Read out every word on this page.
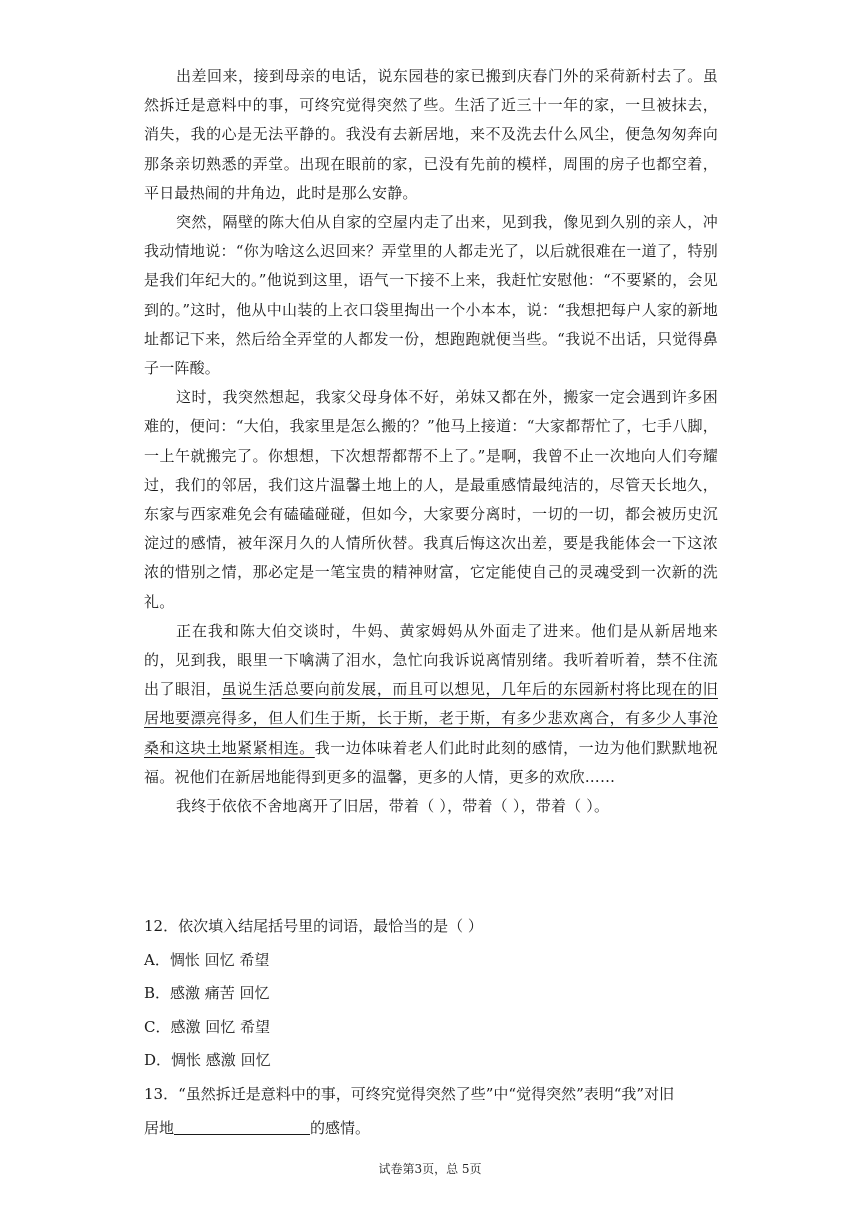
出差回来，接到母亲的电话，说东园巷的家已搬到庆春门外的采荷新村去了。虽然拆迁是意料中的事，可终究觉得突然了些。生活了近三十一年的家，一旦被抹去，消失，我的心是无法平静的。我没有去新居地，来不及洗去什么风尘，便急匆匆奔向那条亲切熟悉的弄堂。出现在眼前的家，已没有先前的模样，周围的房子也都空着，平日最热闹的井角边，此时是那么安静。

突然，隔壁的陈大伯从自家的空屋内走了出来，见到我，像见到久别的亲人，冲我动情地说：“你为啥这么迟回来？弄堂里的人都走光了，以后就很难在一道了，特别是我们年纪大的。”他说到这里，语气一下接不上来，我赶忙安慰他：“不要紧的，会见到的。”这时，他从中山装的上衣口袋里掏出一个小本本，说：“我想把每户人家的新地址都记下来，然后给全弄堂的人都发一份，想跑跑就便当些。“我说不出话，只觉得鼻子一阵酸。

这时，我突然想起，我家父母身体不好，弟妹又都在外，搬家一定会遇到许多困难的，便问：“大伯，我家里是怎么搬的？”他马上接道：“大家都帮忙了，七手八脚，一上午就搬完了。你想想，下次想帮都帮不上了。”是啊，我曾不止一次地向人们夸耀过，我们的邻居，我们这片温馨土地上的人，是最重感情最纯洁的，尽管天长地久，东家与西家难免会有磕磕碰碰，但如今，大家要分离时，一切的一切，都会被历史沉淀过的感情，被年深月久的人情所伙替。我真后悔这次出差，要是我能体会一下这浓浓的惜别之情，那必定是一笔宝贵的精神财富，它定能使自己的灵魂受到一次新的洗礼。

正在我和陈大伯交谈时，牛妈、黄家姆妈从外面走了进来。他们是从新居地来的，见到我，眼里一下噙满了泪水，急忙向我诉说离情别绪。我听着听着，禁不住流出了眼泪，虽说生活总要向前发展，而且可以想见，几年后的东园新村将比现在的旧居地要漂亮得多，但人们生于斯，长于斯，老于斯，有多少悲欢离合，有多少人事沧桑和这块土地紧紧相连。我一边体味着老人们此时此刻的感情，一边为他们默默地祝福。祝他们在新居地能得到更多的温馨，更多的人情，更多的欢欣……

我终于依依不舍地离开了旧居，带着（ ），带着（ ），带着（ ）。

12．依次填入结尾括号里的词语，最恰当的是（ ）
A．惆怅 回忆 希望
B．感激 痛苦 回忆
C．感激 回忆 希望
D．惆怅 感激 回忆
13．“虽然拆迁是意料中的事，可终究觉得突然了些”中“觉得突然”表明“我”对旧
居地	的感情。
试卷第3页，总 5页
